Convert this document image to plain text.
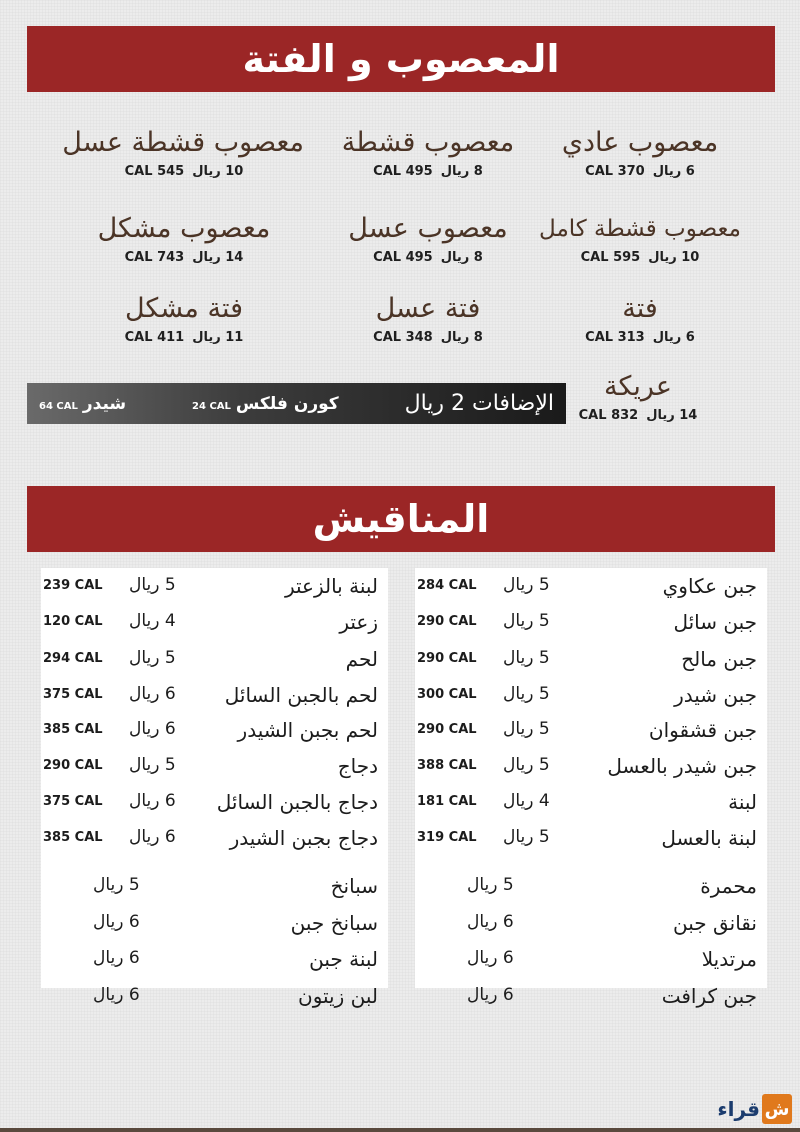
المعصوب و الفتة
معصوب عادي
6 ريال370 CAL
معصوب قشطة
8 ريال495 CAL
معصوب قشطة عسل
10 ريال545 CAL
معصوب قشطة كامل
10 ريال595 CAL
معصوب عسل
8 ريال495 CAL
معصوب مشكل
14 ريال743 CAL
فتة
6 ريال313 CAL
فتة عسل
8 ريال348 CAL
فتة مشكل
11 ريال411 CAL
عريكة
14 ريال832 CAL
64 CAL شيدر	24 CAL كورن فلكس	الإضافات 2 ريال
المناقيش
جبن عكاوي
284 CAL 5 ريال
جبن سائل
290 CAL 5 ريال
جبن مالح
290 CAL 5 ريال
جبن شيدر
300 CAL 5 ريال
جبن قشقوان
290 CAL 5 ريال
جبن شيدر بالعسل
388 CAL 5 ريال
لبنة
181 CAL 4 ريال
لبنة بالعسل
319 CAL 5 ريال
محمرة
5 ريال
نقانق جبن
6 ريال
مرتديلا
6 ريال
جبن كرافت
6 ريال
لبنة بالزعتر
239 CAL 5 ريال
زعتر
120 CAL 4 ريال
لحم
294 CAL 5 ريال
لحم بالجبن السائل
375 CAL 6 ريال
لحم بجبن الشيدر
385 CAL 6 ريال
دجاج
290 CAL 5 ريال
دجاج بالجبن السائل
375 CAL 6 ريال
دجاج بجبن الشيدر
385 CAL 6 ريال
سبانخ
5 ريال
سبانخ جبن
6 ريال
لبنة جبن
6 ريال
لبن زيتون
6 ريال
ش
قراء
